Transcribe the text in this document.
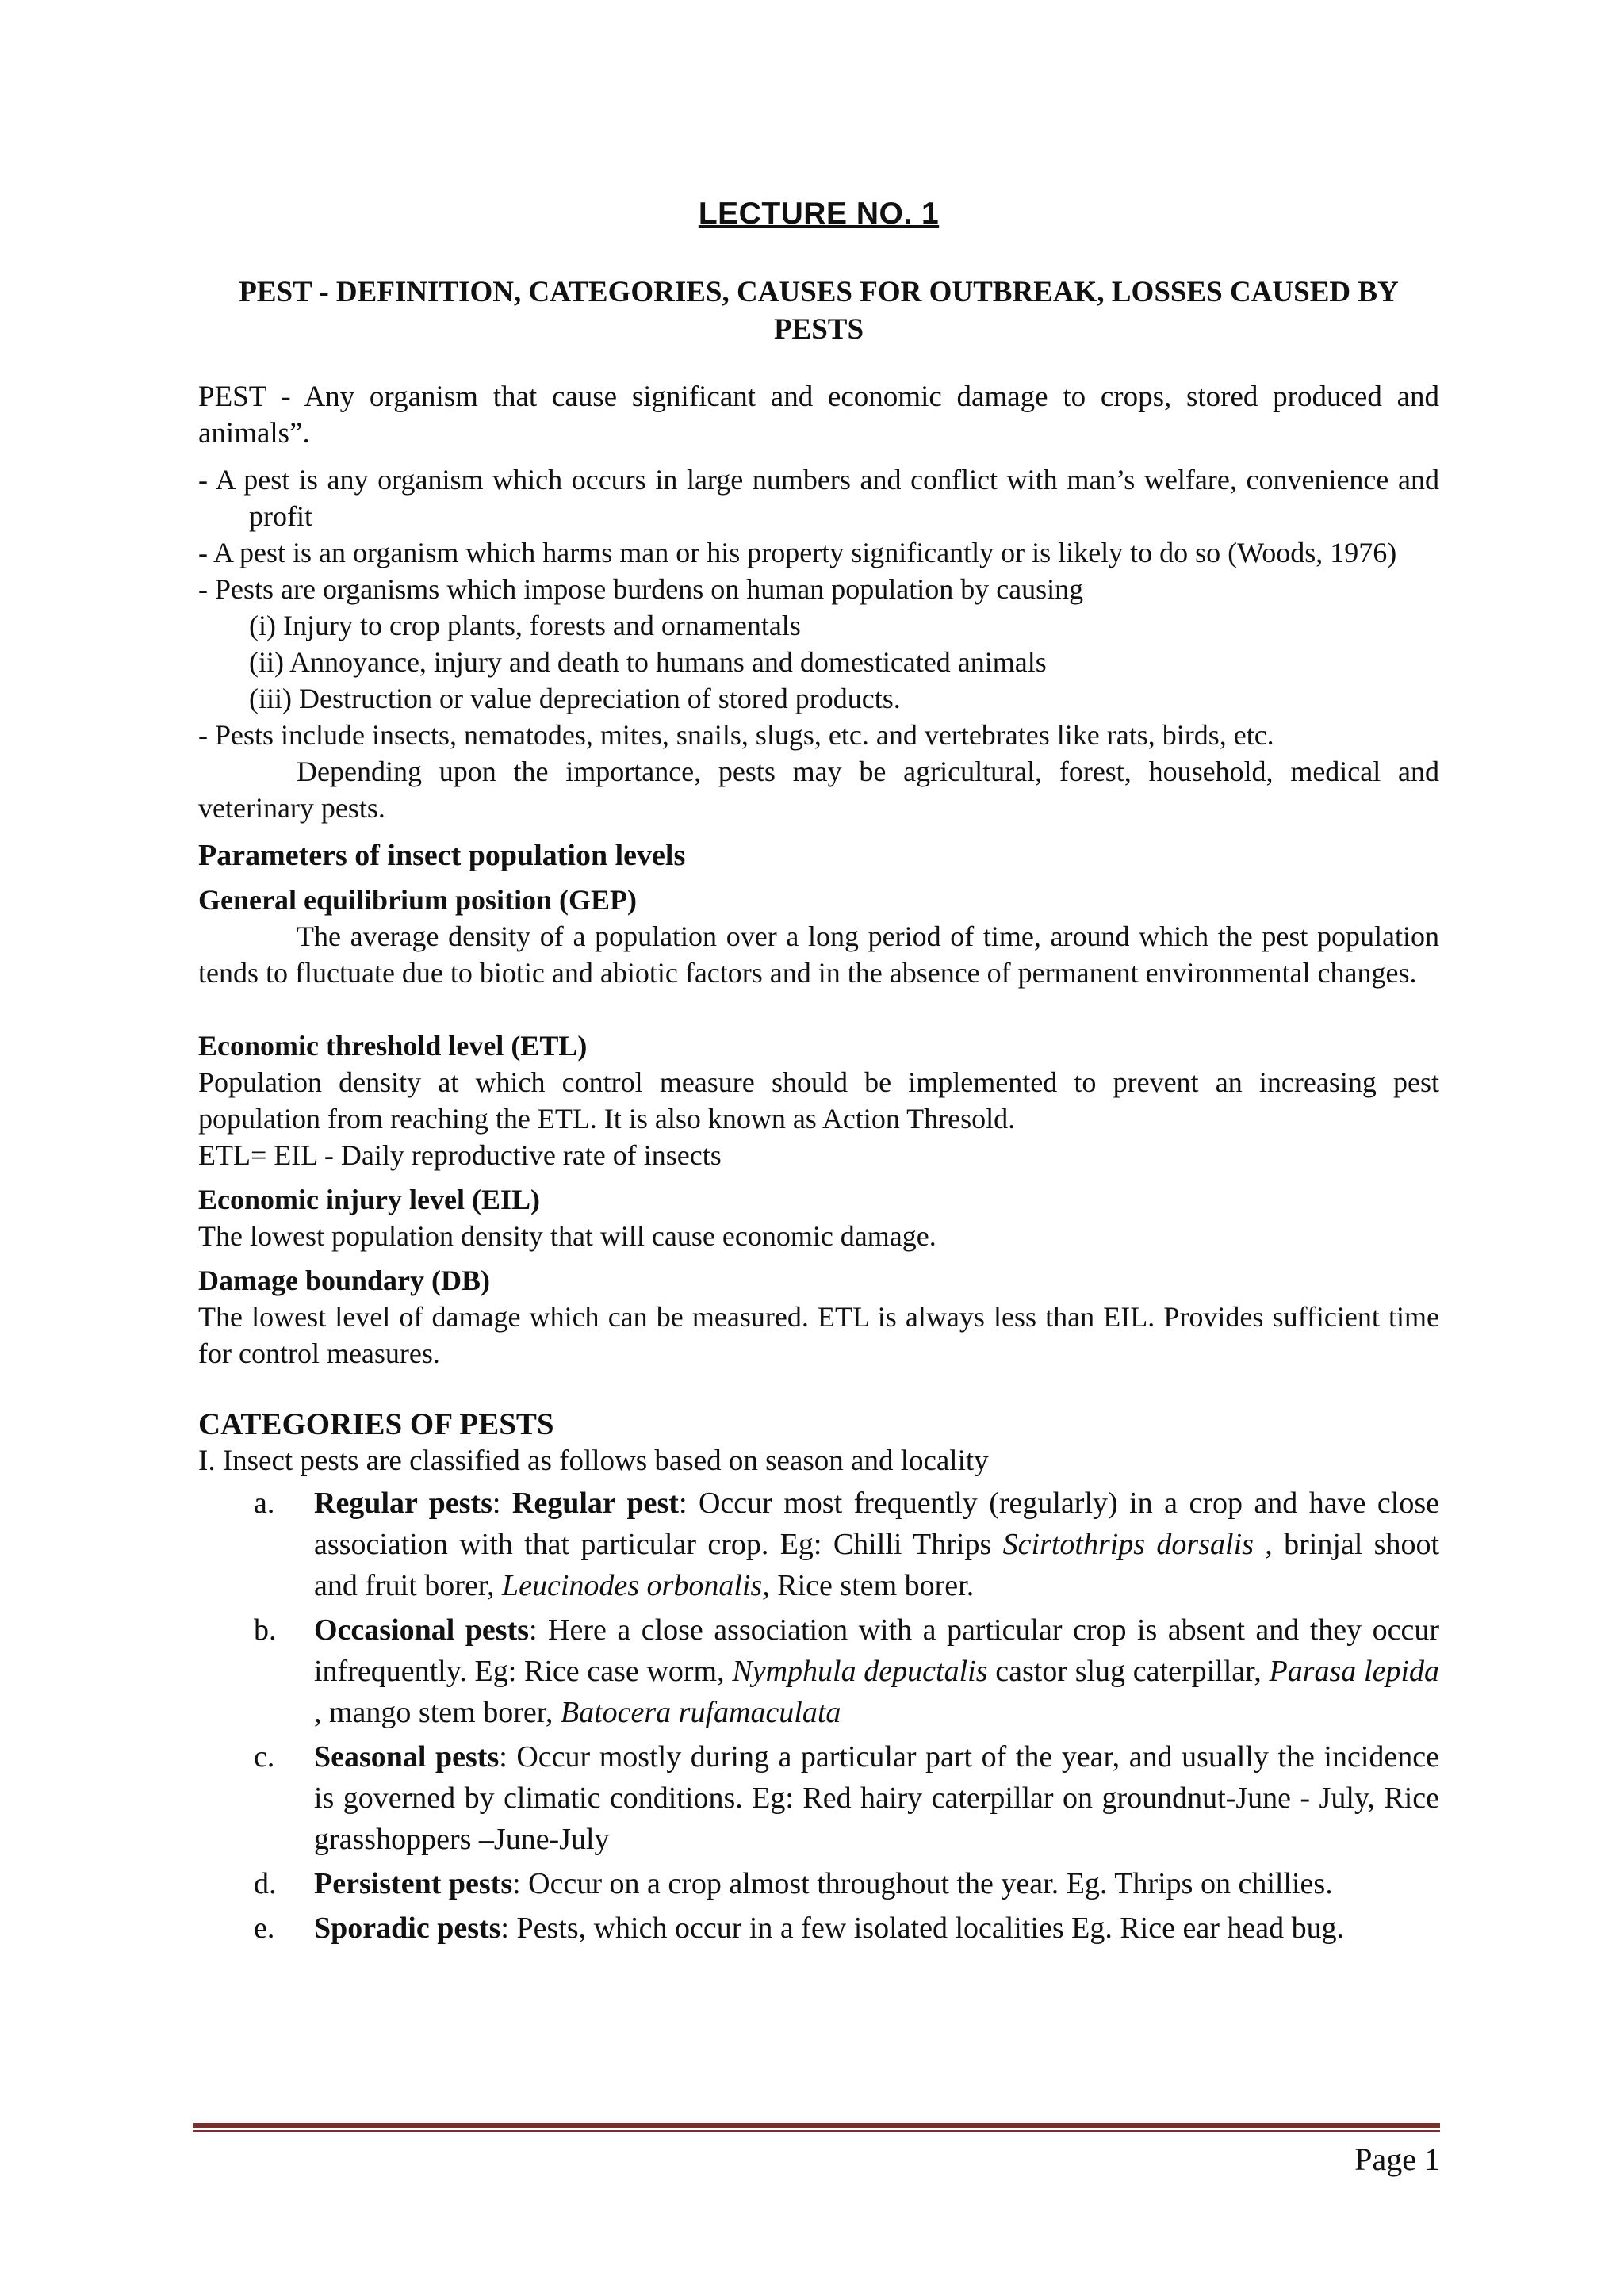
LECTURE NO. 1
PEST - DEFINITION, CATEGORIES, CAUSES FOR OUTBREAK, LOSSES CAUSED BY PESTS

PEST - Any organism that cause significant and economic damage to crops, stored produced and animals”.

- A pest is any organism which occurs in large numbers and conflict with man’s welfare, convenience and profit

- A pest is an organism which harms man or his property significantly or is likely to do so (Woods, 1976)

- Pests are organisms which impose burdens on human population by causing

(i) Injury to crop plants, forests and ornamentals

(ii) Annoyance, injury and death to humans and domesticated animals

(iii) Destruction or value depreciation of stored products.

- Pests include insects, nematodes, mites, snails, slugs, etc. and vertebrates like rats, birds, etc.

Depending upon the importance, pests may be agricultural, forest, household, medical and veterinary pests.

Parameters of insect population levels

General equilibrium position (GEP)

The average density of a population over a long period of time, around which the pest population tends to fluctuate due to biotic and abiotic factors and in the absence of permanent environmental changes.

Economic threshold level (ETL)

Population density at which control measure should be implemented to prevent an increasing pest population from reaching the ETL. It is also known as Action Thresold.

ETL= EIL - Daily reproductive rate of insects

Economic injury level (EIL)

The lowest population density that will cause economic damage.

Damage boundary (DB)

The lowest level of damage which can be measured. ETL is always less than EIL. Provides sufficient time for control measures.

CATEGORIES OF PESTS

I. Insect pests are classified as follows based on season and locality

a. Regular pests: Regular pest: Occur most frequently (regularly) in a crop and have close association with that particular crop. Eg: Chilli Thrips Scirtothrips dorsalis , brinjal shoot and fruit borer, Leucinodes orbonalis, Rice stem borer.
b. Occasional pests: Here a close association with a particular crop is absent and they occur infrequently. Eg: Rice case worm, Nymphula depuctalis castor slug caterpillar, Parasa lepida , mango stem borer, Batocera rufamaculata
c. Seasonal pests: Occur mostly during a particular part of the year, and usually the incidence is governed by climatic conditions. Eg: Red hairy caterpillar on groundnut-June - July, Rice grasshoppers –June-July
d. Persistent pests: Occur on a crop almost throughout the year. Eg. Thrips on chillies.
e. Sporadic pests: Pests, which occur in a few isolated localities Eg. Rice ear head bug.
Page 1
